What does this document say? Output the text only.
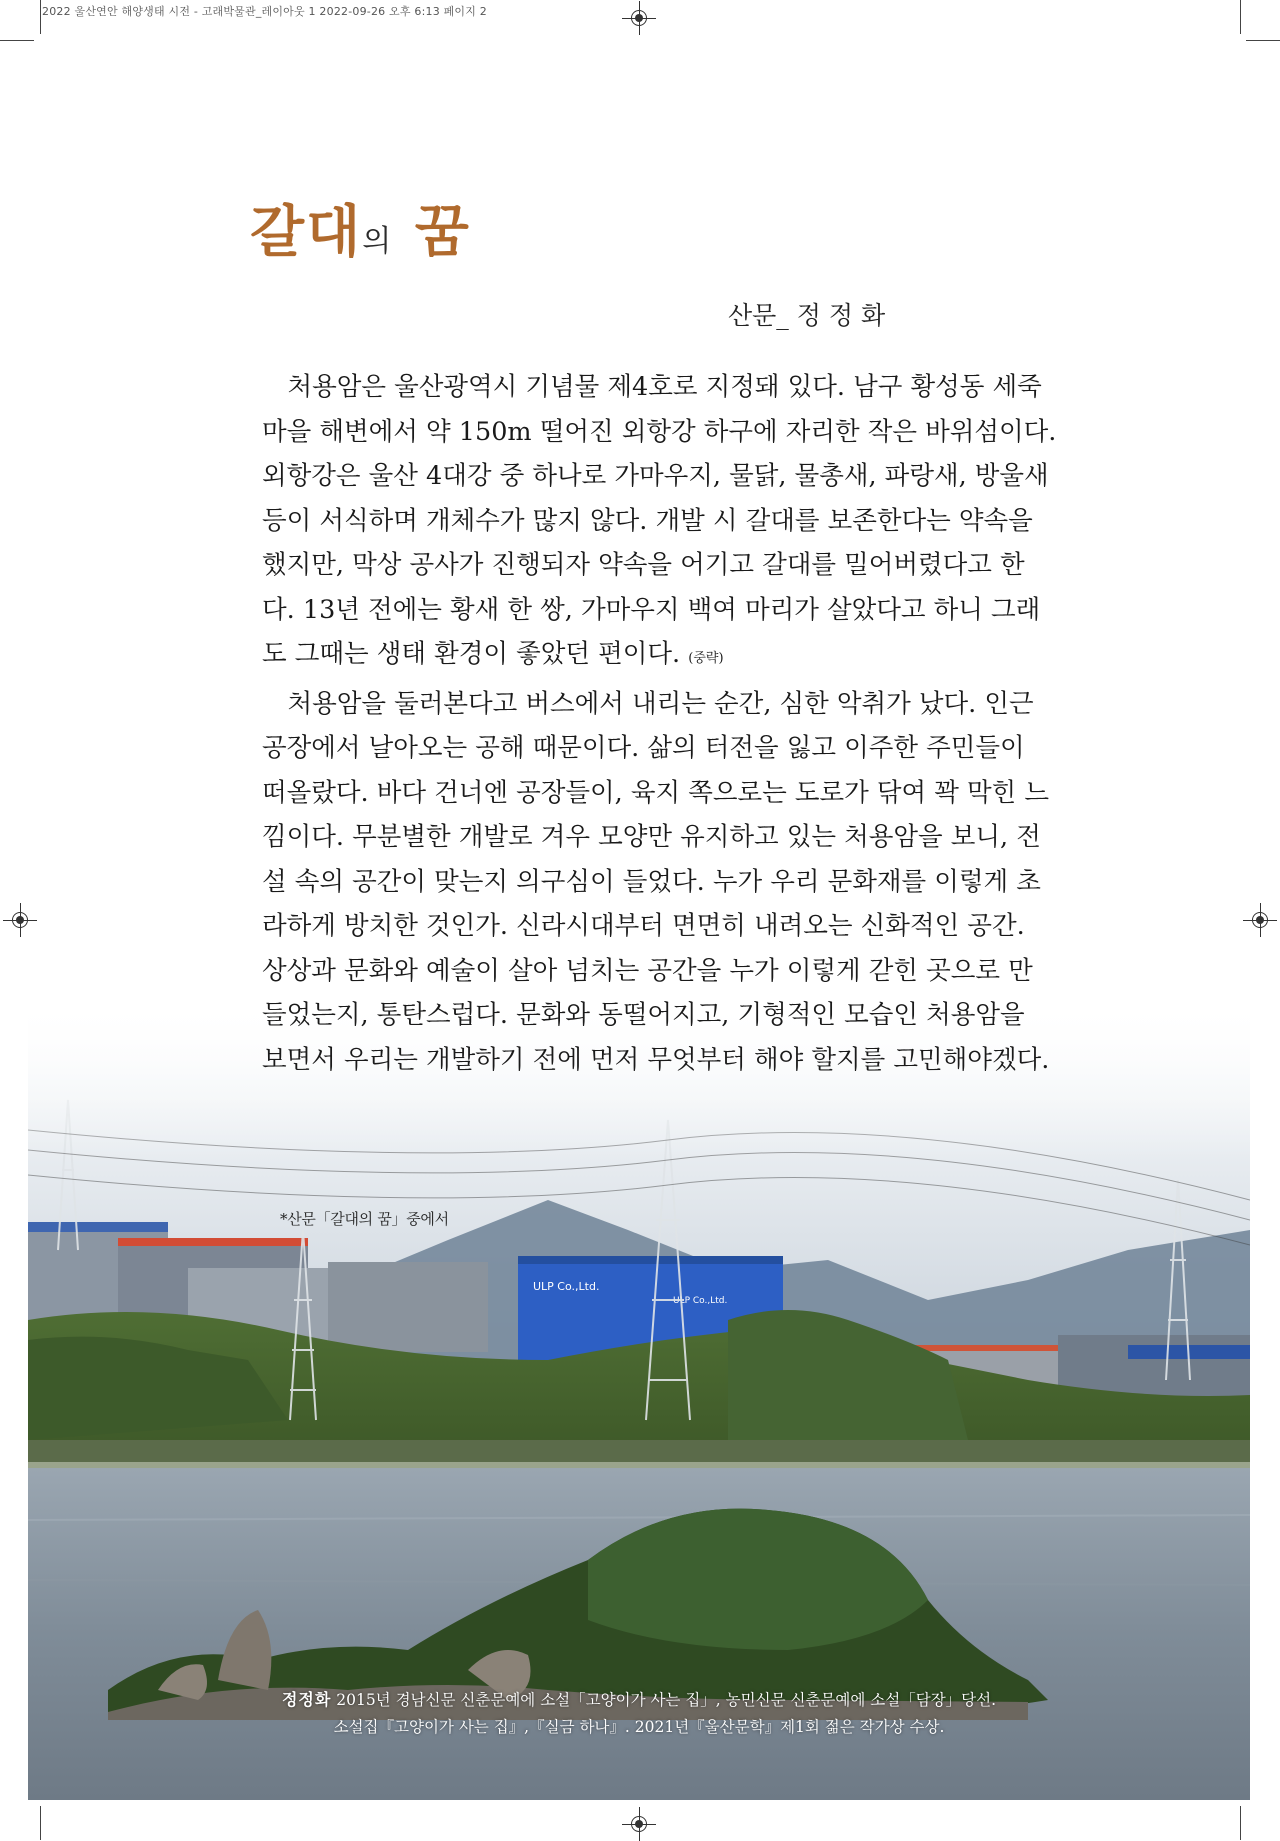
2022 울산연안 해양생태 시전 - 고래박물관_레이아웃 1 2022-09-26 오후 6:13 페이지 2
갈대의 꿈
산문_ 정 정 화
ULP Co.,Ltd.
ULP Co.,Ltd.
　처용암은 울산광역시 기념물 제4호로 지정돼 있다. 남구 황성동 세죽
마을 해변에서 약 150m 떨어진 외항강 하구에 자리한 작은 바위섬이다.
외항강은 울산 4대강 중 하나로 가마우지, 물닭, 물총새, 파랑새, 방울새
등이 서식하며 개체수가 많지 않다. 개발 시 갈대를 보존한다는 약속을
했지만, 막상 공사가 진행되자 약속을 어기고 갈대를 밀어버렸다고 한
다. 13년 전에는 황새 한 쌍, 가마우지 백여 마리가 살았다고 하니 그래
도 그때는 생태 환경이 좋았던 편이다. (중략)
　처용암을 둘러본다고 버스에서 내리는 순간, 심한 악취가 났다. 인근
공장에서 날아오는 공해 때문이다. 삶의 터전을 잃고 이주한 주민들이
떠올랐다. 바다 건너엔 공장들이, 육지 쪽으로는 도로가 닦여 꽉 막힌 느
낌이다. 무분별한 개발로 겨우 모양만 유지하고 있는 처용암을 보니, 전
설 속의 공간이 맞는지 의구심이 들었다. 누가 우리 문화재를 이렇게 초
라하게 방치한 것인가. 신라시대부터 면면히 내려오는 신화적인 공간.
상상과 문화와 예술이 살아 넘치는 공간을 누가 이렇게 갇힌 곳으로 만
들었는지, 통탄스럽다. 문화와 동떨어지고, 기형적인 모습인 처용암을
보면서 우리는 개발하기 전에 먼저 무엇부터 해야 할지를 고민해야겠다.
*산문「갈대의 꿈」중에서
정정화 2015년 경남신문 신춘문예에 소설「고양이가 사는 집」, 농민신문 신춘문예에 소설「담장」당선.
소설집『고양이가 사는 집』,『실금 하나』. 2021년『울산문학』제1회 젊은 작가상 수상.
